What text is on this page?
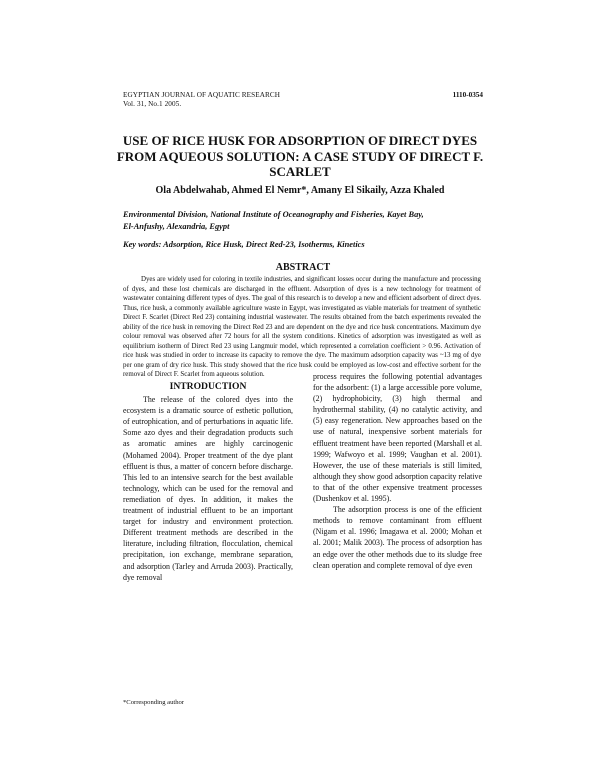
EGYPTIAN JOURNAL OF AQUATIC RESEARCH
Vol. 31, No.1 2005.
1110-0354
USE OF RICE HUSK FOR ADSORPTION OF DIRECT DYES FROM AQUEOUS SOLUTION: A CASE STUDY OF DIRECT F. SCARLET
Ola Abdelwahab, Ahmed El Nemr*, Amany El Sikaily, Azza Khaled
Environmental Division, National Institute of Oceanography and Fisheries, Kayet Bay,
El-Anfushy, Alexandria, Egypt
Key words: Adsorption, Rice Husk, Direct Red-23, Isotherms, Kinetics
ABSTRACT
Dyes are widely used for coloring in textile industries, and significant losses occur during the manufacture and processing of dyes, and these lost chemicals are discharged in the effluent. Adsorption of dyes is a new technology for treatment of wastewater containing different types of dyes. The goal of this research is to develop a new and efficient adsorbent of direct dyes. Thus, rice husk, a commonly available agriculture waste in Egypt, was investigated as viable materials for treatment of synthetic Direct F. Scarlet (Direct Red 23) containing industrial wastewater. The results obtained from the batch experiments revealed the ability of the rice husk in removing the Direct Red 23 and are dependent on the dye and rice husk concentrations. Maximum dye colour removal was observed after 72 hours for all the system conditions. Kinetics of adsorption was investigated as well as equilibrium isotherm of Direct Red 23 using Langmuir model, which represented a correlation coefficient > 0.96. Activation of rice husk was studied in order to increase its capacity to remove the dye. The maximum adsorption capacity was ~13 mg of dye per one gram of dry rice husk. This study showed that the rice husk could be employed as low-cost and effective sorbent for the removal of Direct F. Scarlet from aqueous solution.
INTRODUCTION
The release of the colored dyes into the ecosystem is a dramatic source of esthetic pollution, of eutrophication, and of perturbations in aquatic life. Some azo dyes and their degradation products such as aromatic amines are highly carcinogenic (Mohamed 2004). Proper treatment of the dye plant effluent is thus, a matter of concern before discharge. This led to an intensive search for the best available technology, which can be used for the removal and remediation of dyes. In addition, it makes the treatment of industrial effluent to be an important target for industry and environment protection. Different treatment methods are described in the literature, including filtration, flocculation, chemical precipitation, ion exchange, membrane separation, and adsorption (Tarley and Arruda 2003). Practically, dye removal
process requires the following potential advantages for the adsorbent: (1) a large accessible pore volume, (2) hydrophobicity, (3) high thermal and hydrothermal stability, (4) no catalytic activity, and (5) easy regeneration. New approaches based on the use of natural, inexpensive sorbent materials for effluent treatment have been reported (Marshall et al. 1999; Wafwoyo et al. 1999; Vaughan et al. 2001). However, the use of these materials is still limited, although they show good adsorption capacity relative to that of the other expensive treatment processes (Dushenkov et al. 1995).
The adsorption process is one of the efficient methods to remove contaminant from effluent (Nigam et al. 1996; Imagawa et al. 2000; Mohan et al. 2001; Malik 2003). The process of adsorption has an edge over the other methods due to its sludge free clean operation and complete removal of dye even
*Corresponding author
